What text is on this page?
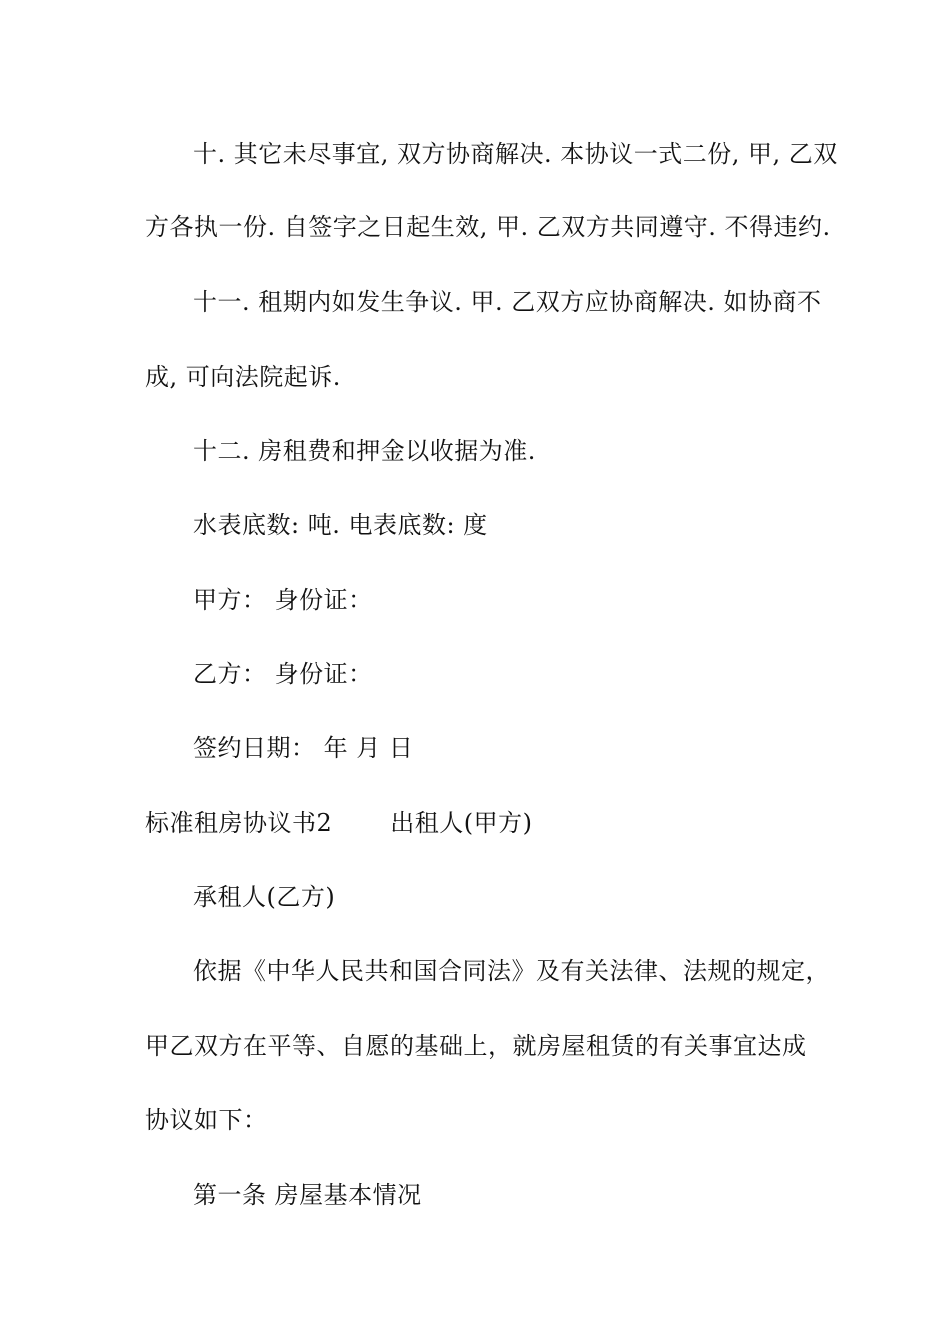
十. 其它未尽事宜, 双方协商解决. 本协议一式二份, 甲, 乙双
方各执一份. 自签字之日起生效, 甲. 乙双方共同遵守. 不得违约.
十一. 租期内如发生争议. 甲. 乙双方应协商解决. 如协商不
成, 可向法院起诉.
十二. 房租费和押金以收据为准.
水表底数: 吨. 电表底数: 度
甲方： 身份证：
乙方： 身份证：
签约日期： 年 月 日
标准租房协议书2 出租人(甲方)
承租人(乙方)
依据《中华人民共和国合同法》及有关法律、法规的规定，
甲乙双方在平等、自愿的基础上，就房屋租赁的有关事宜达成
协议如下：
第一条 房屋基本情况
